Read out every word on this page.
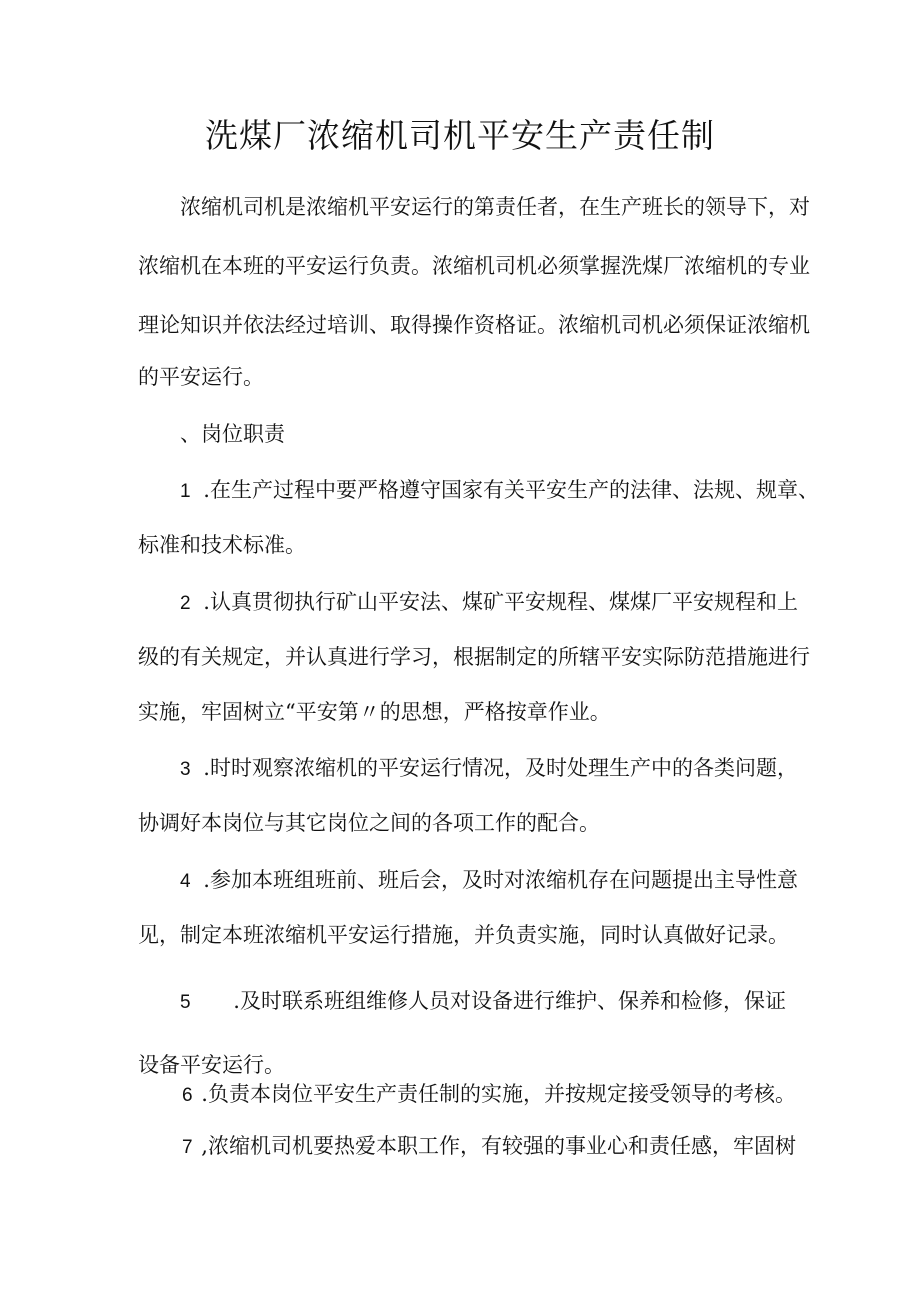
洗煤厂浓缩机司机平安生产责任制
浓缩机司机是浓缩机平安运行的第责任者，在生产班长的领导下，对
浓缩机在本班的平安运行负责。浓缩机司机必须掌握洗煤厂浓缩机的专业
理论知识并依法经过培训、取得操作资格证。浓缩机司机必须保证浓缩机
的平安运行。
、岗位职责
1 .在生产过程中要严格遵守国家有关平安生产的法律、法规、规章、
标准和技术标准。
2 .认真贯彻执行矿山平安法、煤矿平安规程、煤煤厂平安规程和上
级的有关规定，并认真进行学习，根据制定的所辖平安实际防范措施进行
实施，牢固树立“平安第〃的思想，严格按章作业。
3 .时时观察浓缩机的平安运行情况，及时处理生产中的各类问题，
协调好本岗位与其它岗位之间的各项工作的配合。
4 .参加本班组班前、班后会，及时对浓缩机存在问题提出主导性意
见，制定本班浓缩机平安运行措施，并负责实施，同时认真做好记录。
5 .及时联系班组维修人员对设备进行维护、保养和检修，保证
设备平安运行。
6 .负责本岗位平安生产责任制的实施，并按规定接受领导的考核。
7 ,浓缩机司机要热爱本职工作，有较强的事业心和责任感，牢固树
